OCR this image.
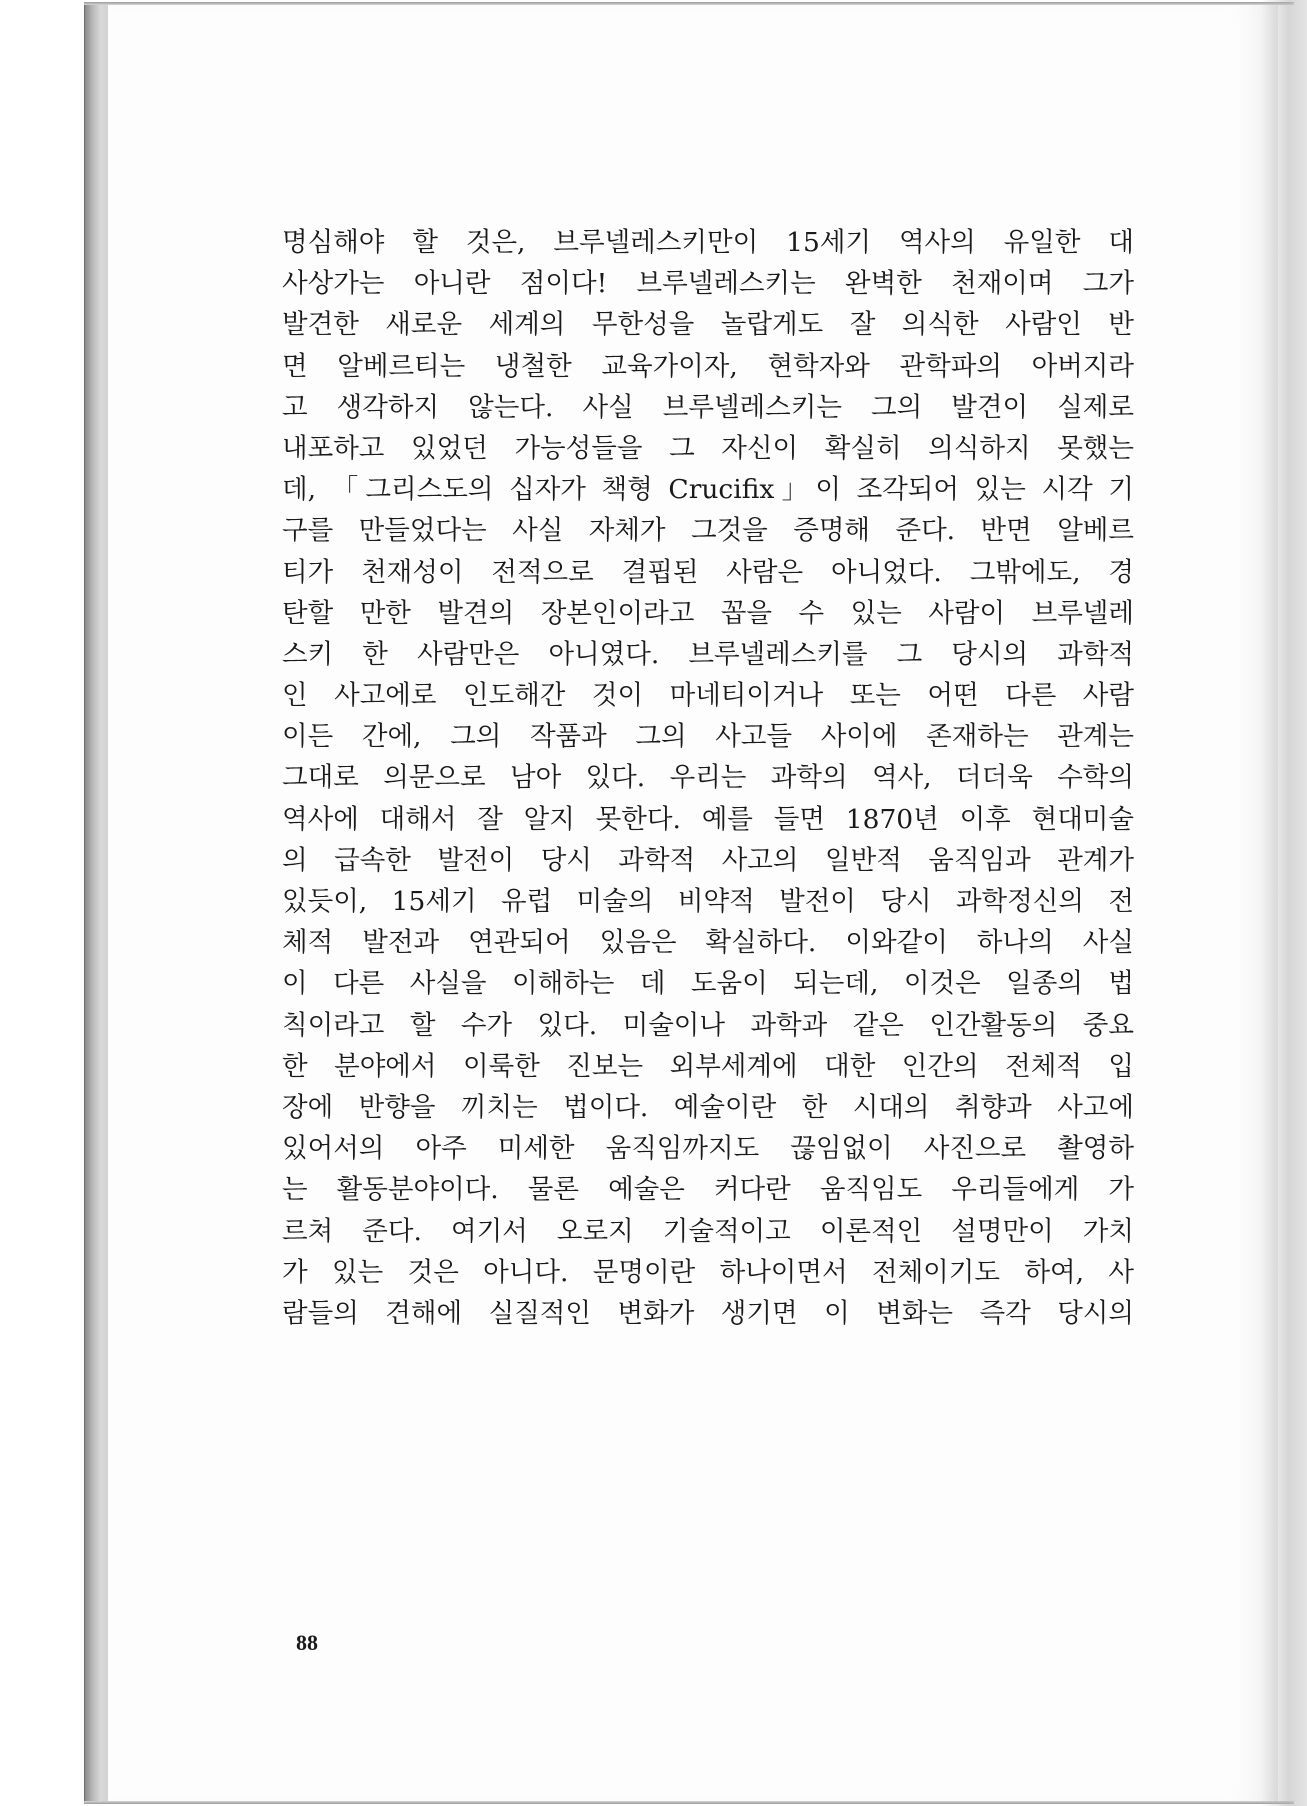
명심해야 할 것은, 브루넬레스키만이 15세기 역사의 유일한 대
사상가는 아니란 점이다! 브루넬레스키는 완벽한 천재이며 그가
발견한 새로운 세계의 무한성을 놀랍게도 잘 의식한 사람인 반
면 알베르티는 냉철한 교육가이자, 현학자와 관학파의 아버지라
고 생각하지 않는다. 사실 브루넬레스키는 그의 발견이 실제로
내포하고 있었던 가능성들을 그 자신이 확실히 의식하지 못했는
데, 「그리스도의 십자가 책형 Crucifix」이 조각되어 있는 시각 기
구를 만들었다는 사실 자체가 그것을 증명해 준다. 반면 알베르
티가 천재성이 전적으로 결핍된 사람은 아니었다. 그밖에도, 경
탄할 만한 발견의 장본인이라고 꼽을 수 있는 사람이 브루넬레
스키 한 사람만은 아니였다. 브루넬레스키를 그 당시의 과학적
인 사고에로 인도해간 것이 마네티이거나 또는 어떤 다른 사람
이든 간에, 그의 작품과 그의 사고들 사이에 존재하는 관계는
그대로 의문으로 남아 있다. 우리는 과학의 역사, 더더욱 수학의
역사에 대해서 잘 알지 못한다. 예를 들면 1870년 이후 현대미술
의 급속한 발전이 당시 과학적 사고의 일반적 움직임과 관계가
있듯이, 15세기 유럽 미술의 비약적 발전이 당시 과학정신의 전
체적 발전과 연관되어 있음은 확실하다. 이와같이 하나의 사실
이 다른 사실을 이해하는 데 도움이 되는데, 이것은 일종의 법
칙이라고 할 수가 있다. 미술이나 과학과 같은 인간활동의 중요
한 분야에서 이룩한 진보는 외부세계에 대한 인간의 전체적 입
장에 반향을 끼치는 법이다. 예술이란 한 시대의 취향과 사고에
있어서의 아주 미세한 움직임까지도 끊임없이 사진으로 촬영하
는 활동분야이다. 물론 예술은 커다란 움직임도 우리들에게 가
르쳐 준다. 여기서 오로지 기술적이고 이론적인 설명만이 가치
가 있는 것은 아니다. 문명이란 하나이면서 전체이기도 하여, 사
람들의 견해에 실질적인 변화가 생기면 이 변화는 즉각 당시의
88
